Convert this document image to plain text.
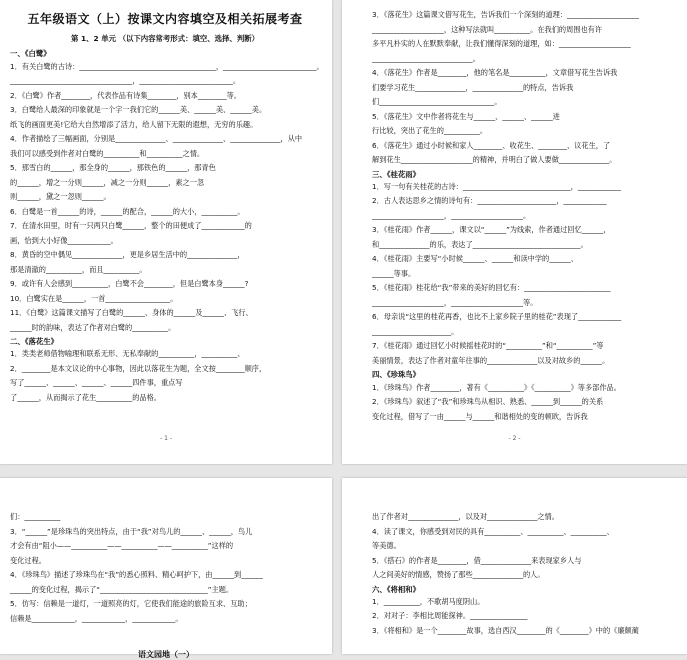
五年级语文（上）按课文内容填空及相关拓展考查
第 1、2 单元 （以下内容常考形式：填空、选择、判断）
一、《白鹭》
1．有关白鹭的古诗：______________________________________，__________________________。
__________________________________，__________________________。
2．《白鹭》作者________，代表作品有诗集________，别本________等。
3．白鹭给人最深的印象就是一个字一我们它的______美、______美、______美。
纸飞的画面更美!它给大自然增添了活力，给人留下无限的遐想，无穷的乐趣。
4．作者描绘了三幅画面，分别是______________、______________、______________，从中
我们可以感受到作者对白鹭的__________和__________之情。
5．那雪白的______，那全身的______，那铁色的______，那青色
的______，增之一分则______，减之一分则______，素之一忽
则______，黛之一忽则______。
6．白鹭是一首______的诗，______的配合，______的大小，__________。
7．在清水田里，时有一只两只白鹭______，整个的田便成了____________的
画，恰到大小好像____________。
8．黄昏的空中偶见______________，更是乡居生活中的______________，
那是清澈的__________，而且__________。
9．或许有人会感到__________，白鹭不会________，但是白鹭本身______?
10．白鹭实在是______，一首__________________。
11．《白鹭》这篇课文描写了白鹭的______、身体的______及______、飞行、
______时的韵味，表达了作者对白鹭的__________。
二、《落花生》
1．类类老师借物喻理和联系无形、无私奉献的__________，__________、
2．________是本文议论的中心事物，因此以落花生为题，全文按________顺序，
写了______、______、______、______四件事，重点写
了______，从而揭示了花生__________的品格。
- 1 -
3．《落花生》这篇课文借写花生，告诉我们一个深刻的道理：____________________
____________________，这种写法就叫__________。在我们的周围也有许
多平凡朴实的人在默默奉献，让我们懂得深刻的道理，如：____________________
____________________________。
4．《落花生》作者是________，他的笔名是__________，文章借写花生告诉我
们要学习花生______________，______________的特点，告诉我
们________________________________。
5．《落花生》文中作者将花生与______、______、______进
行比较，突出了花生的__________。
6．《落花生》通过小时候和家人________、收花生、________、议花生，了
解到花生____________________的精神，并明白了做人要做______________。
三、《桂花雨》
1．写一句有关桂花的古诗：______________________________，____________
2．古人表达思乡之情的诗句有：______________________，____________
____________________，____________________。
3．《桂花雨》作者______，课文以“______”为线索，作者通过回忆______，
和______________的乐，表达了______________________________。
4．《桂花雨》主要写“小时候______、______和读中学的______、
______等事。
5．《桂花雨》桂花给“我”带来的美好的回忆有：________________________
____________________，____________________等。
6．母亲说“这里的桂花再香，也比不上家乡院子里的桂花”表现了____________
______________________。
7．《桂花雨》通过回忆小时候摇桂花时的“__________”和“__________”等
美丽情景，表达了作者对童年往事的______________以及对故乡的______。
四、《珍珠鸟》
1．《珍珠鸟》作者________，著有《__________》《__________》等多部作品。
2．《珍珠鸟》叙述了“我”和珍珠鸟从相识、熟悉、______到______的关系
变化过程，借写了一由______与______和谐相处的变的顿欧，告诉我
- 2 -
们：__________
3．“______”是珍珠鸟的突出特点，由于“我”对鸟儿的______、______，鸟儿
才会有由“阻小——__________——__________——__________”这样的
变化过程。
4．《珍珠鸟》描述了珍珠鸟在“我”的悉心照料、精心呵护下，由______到______
______的变化过程，揭示了“______________________________”主题。
5．仿写：信赖是一道灯，一道照亮的灯，它使我们能途的旅险互求、互助；
信赖是____________，____________，____________。
语文园地（一）
出了作者对______________，以及对______________之情。
4．读了课文，你感受到对民的具有__________、__________、__________、
等美德。
5．《搭石》的作者是________，借______________来表现家乡人与
人之间美好的情感，赞扬了那些______________的人。
六、《将相和》
1．__________，不歌胡马度阴山。
2．对对子：李相比周能探神。________________
3．《将相和》是一个________故事，选自西汉________的《________》中的《廉颇蔺
